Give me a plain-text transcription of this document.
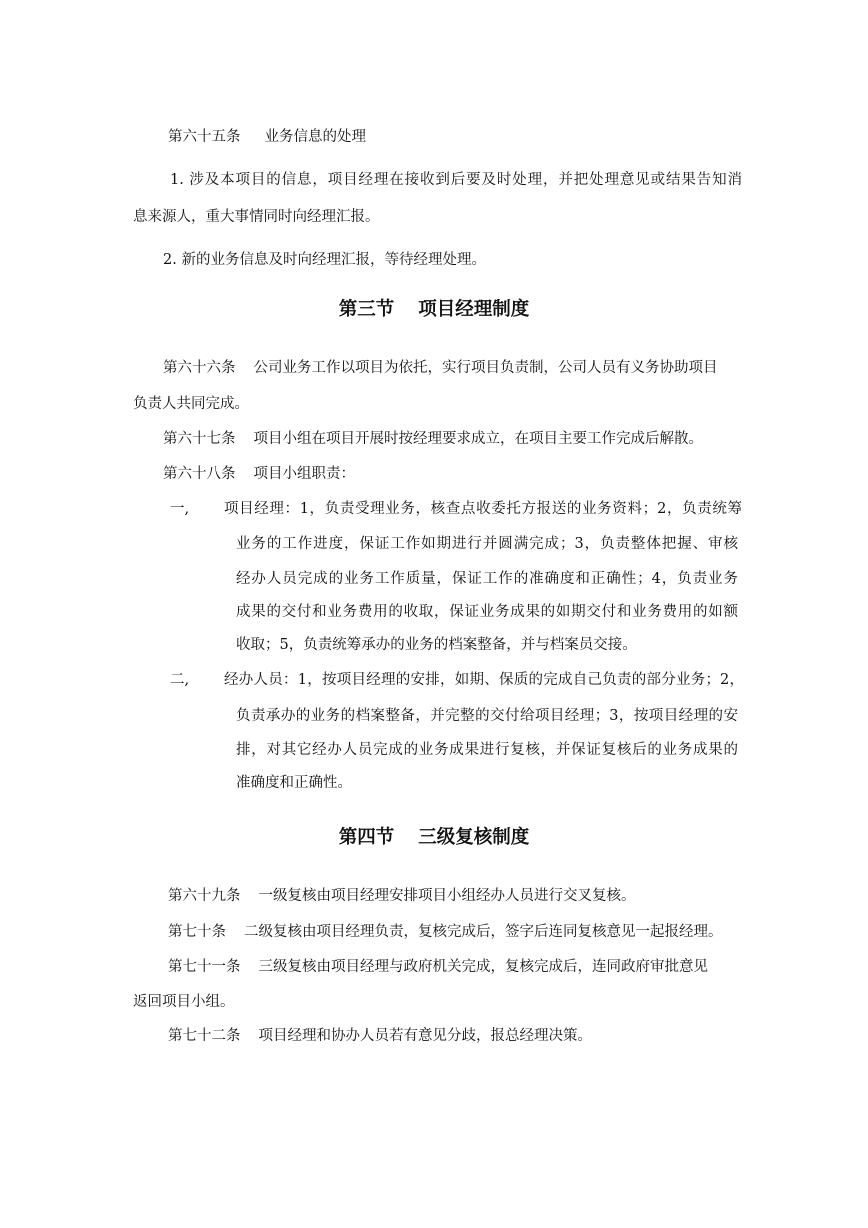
第六十五条 业务信息的处理
1. 涉及本项目的信息，项目经理在接收到后要及时处理，并把处理意见或结果告知消
息来源人，重大事情同时向经理汇报。
2. 新的业务信息及时向经理汇报，等待经理处理。
第三节 项目经理制度
第六十六条 公司业务工作以项目为依托，实行项目负责制，公司人员有义务协助项目
负责人共同完成。
第六十七条 项目小组在项目开展时按经理要求成立，在项目主要工作完成后解散。
第六十八条 项目小组职责：
一, 项目经理：1，负责受理业务，核查点收委托方报送的业务资料；2，负责统筹
业务的工作进度，保证工作如期进行并圆满完成；3，负责整体把握、审核
经办人员完成的业务工作质量，保证工作的准确度和正确性；4，负责业务
成果的交付和业务费用的收取，保证业务成果的如期交付和业务费用的如额
收取；5，负责统筹承办的业务的档案整备，并与档案员交接。
二, 经办人员：1，按项目经理的安排，如期、保质的完成自己负责的部分业务；2，
负责承办的业务的档案整备，并完整的交付给项目经理；3，按项目经理的安
排，对其它经办人员完成的业务成果进行复核，并保证复核后的业务成果的
准确度和正确性。
第四节 三级复核制度
第六十九条 一级复核由项目经理安排项目小组经办人员进行交叉复核。
第七十条 二级复核由项目经理负责，复核完成后，签字后连同复核意见一起报经理。
第七十一条 三级复核由项目经理与政府机关完成，复核完成后，连同政府审批意见
返回项目小组。
第七十二条 项目经理和协办人员若有意见分歧，报总经理决策。
